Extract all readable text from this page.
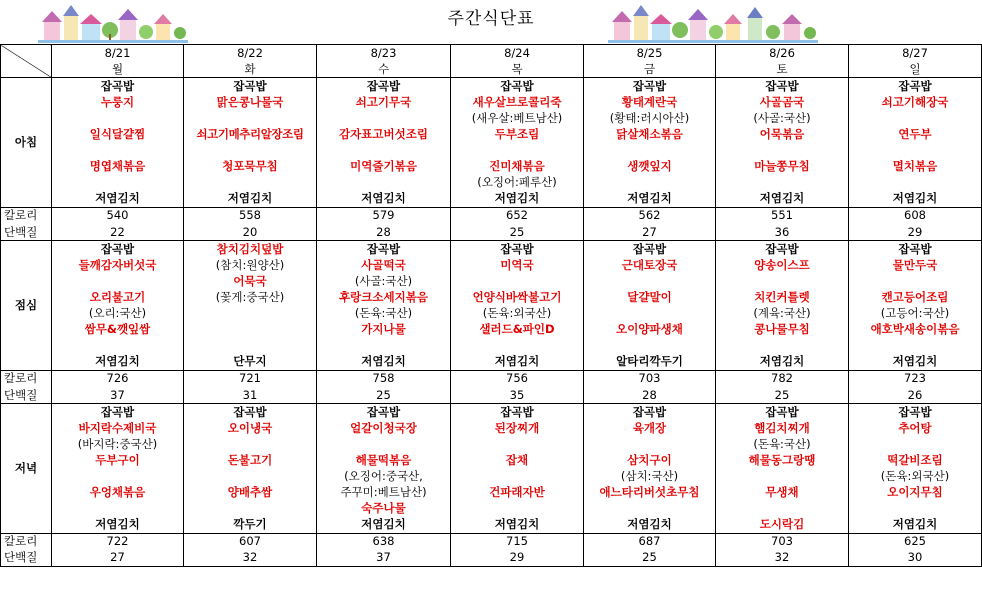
주간식단표
	8/21	8/22	8/23	8/24	8/25	8/26	8/27
	월	화	수	목	금	토	일
아침	잡곡밥	잡곡밥	잡곡밥	잡곡밥	잡곡밥	잡곡밥	잡곡밥
	누룽지	맑은콩나물국	쇠고기무국	새우살브로콜리죽	황태계란국	사골곰국	쇠고기해장국
				(새우살:베트남산)	(황태:러시아산)	(사골:국산)	
	일식달걀찜	쇠고기메추리알장조림	감자표고버섯조림	두부조림	닭살채소볶음	어묵볶음	연두부

	명엽채볶음	청포묵무침	미역줄기볶음	진미채볶음	생깻잎지	마늘쫑무침	멸치볶음
				(오징어:페루산)			
	저염김치	저염김치	저염김치	저염김치	저염김치	저염김치	저염김치
칼로리	540	558	579	652	562	551	608
단백질	22	20	28	25	27	36	29
점심	잡곡밥	참치김치덮밥	잡곡밥	잡곡밥	잡곡밥	잡곡밥	잡곡밥
	들깨감자버섯국	(참치:원양산)	사골떡국	미역국	근대토장국	양송이스프	물만두국
		어묵국	(사골:국산)				
	오리불고기	(꽃게:중국산)	후랑크소세지볶음	언양식바싹불고기	달걀말이	치킨커틀렛	캔고등어조림
	(오리:국산)		(돈육:국산)	(돈육:외국산)		(계육:국산)	(고등어:국산)
	쌈무&깻잎쌈		가지나물	샐러드&파인D	오이양파생채	콩나물무침	애호박새송이볶음

	저염김치	단무지	저염김치	저염김치	알타리깍두기	저염김치	저염김치
칼로리	726	721	758	756	703	782	723
단백질	37	31	25	35	28	25	26
저녁	잡곡밥	잡곡밥	잡곡밥	잡곡밥	잡곡밥	잡곡밥	잡곡밥
	바지락수제비국	오이냉국	얼갈이청국장	된장찌개	육개장	햄김치찌개	추어탕
	(바지락:중국산)					(돈육:국산)	
	두부구이	돈불고기	해물떡볶음	잡채	삼치구이	해물동그랑땡	떡갈비조림
			(오징어:중국산,		(삼치:국산)		(돈육:외국산)
	우엉채볶음	양배추쌈	주꾸미:베트남산)	건파래자반	애느타리버섯초무침	무생채	오이지무침
			숙주나물				
	저염김치	깍두기	저염김치	저염김치	저염김치	도시락김	저염김치
칼로리	722	607	638	715	687	703	625
단백질	27	32	37	29	25	32	30
